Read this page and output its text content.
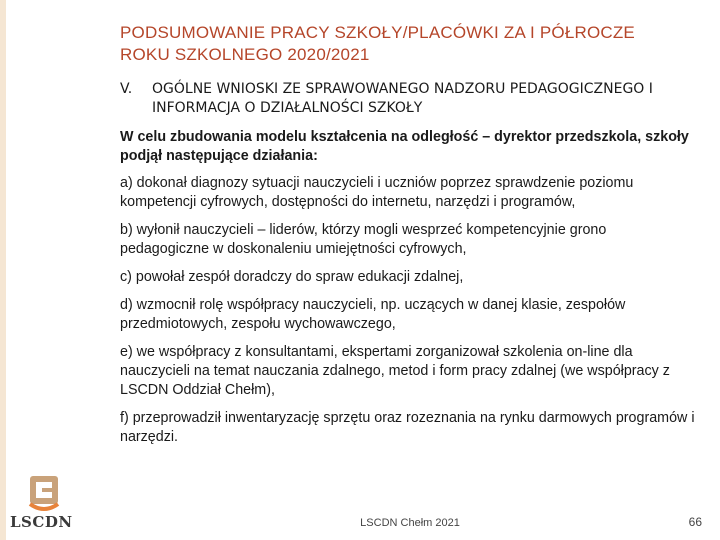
PODSUMOWANIE PRACY SZKOŁY/PLACÓWKI ZA I PÓŁROCZE ROKU SZKOLNEGO 2020/2021
V. OGÓLNE WNIOSKI ZE SPRAWOWANEGO NADZORU PEDAGOGICZNEGO I INFORMACJA O DZIAŁALNOŚCI SZKOŁY

W celu zbudowania modelu kształcenia na odległość – dyrektor przedszkola, szkoły podjął następujące działania:

a) dokonał diagnozy sytuacji nauczycieli i uczniów poprzez sprawdzenie poziomu kompetencji cyfrowych, dostępności do internetu, narzędzi i programów,

b) wyłonił nauczycieli – liderów, którzy mogli wesprzeć kompetencyjnie grono pedagogiczne w doskonaleniu umiejętności cyfrowych,

c) powołał zespół doradczy do spraw edukacji zdalnej,

d) wzmocnił rolę współpracy nauczycieli, np. uczących w danej klasie, zespołów przedmiotowych, zespołu wychowawczego,

e) we współpracy z konsultantami, ekspertami zorganizował szkolenia on-line dla nauczycieli na temat nauczania zdalnego, metod i form pracy zdalnej (we współpracy z LSCDN Oddział Chełm),

f) przeprowadził inwentaryzację sprzętu oraz rozeznania na rynku darmowych programów i narzędzi.

LSCDN	LSCDN Chełm 2021	66
